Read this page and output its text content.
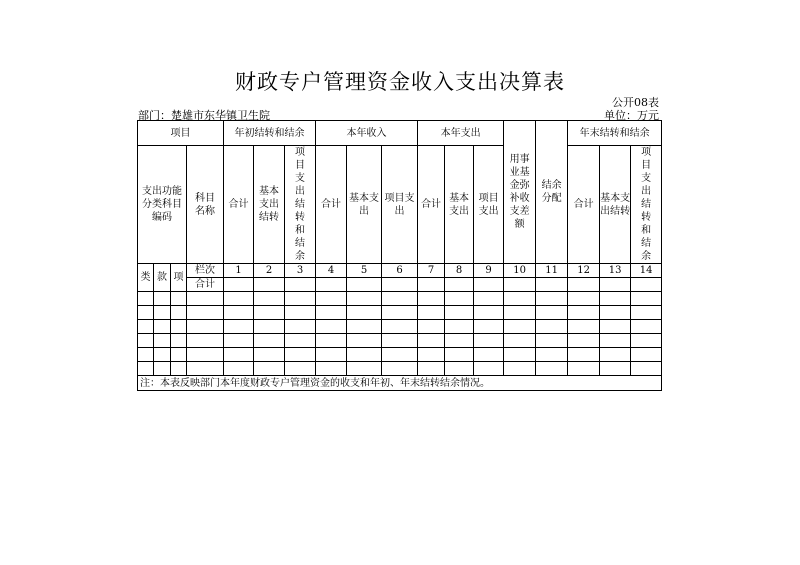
财政专户管理资金收入支出决算表
公开08表
部门：楚雄市东华镇卫生院	单位：万元
项目				年初结转和结余			本年收入			本年支出			用事业基金弥补收支差额	结余分配	年末结转和结余		

支出功能分类科目编码			科目名称	合计	基本支出结转	项目支出结转和结余	合计	基本支出	项目支出	合计	基本支出	项目支出			合计	基本支出结转	项目支出结转和结余

类	款	项	栏次	1	2	3	4	5	6	7	8	9	10	11	12	13	14
			合计														

注：本表反映部门本年度财政专户管理资金的收支和年初、年末结转结余情况。																	
